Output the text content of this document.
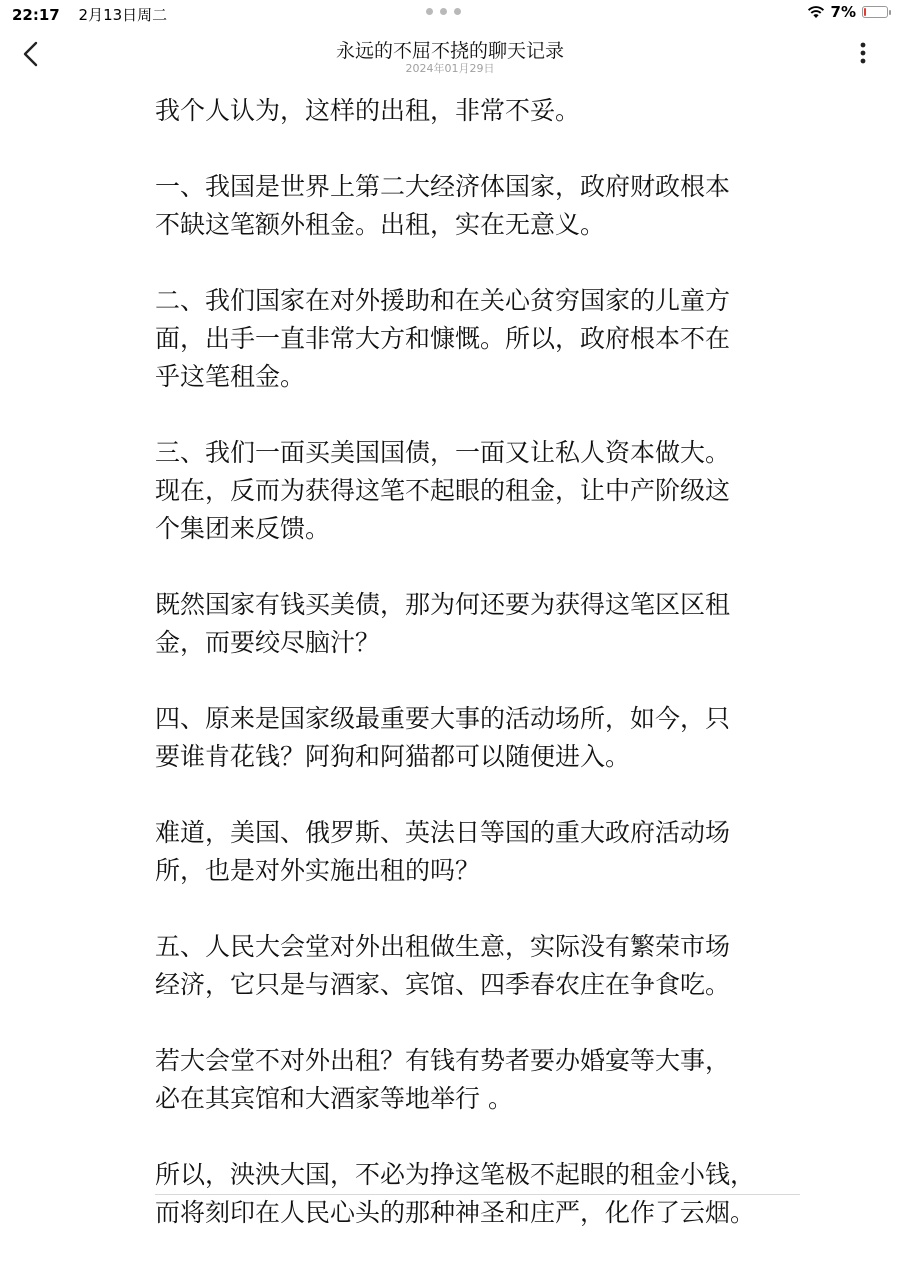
22:17 2月13日周二	7%
永远的不屈不挠的聊天记录
2024年01月29日

我个人认为，这样的出租，非常不妥。

一、我国是世界上第二大经济体国家，政府财政根本
不缺这笔额外租金。出租，实在无意义。

二、我们国家在对外援助和在关心贫穷国家的儿童方
面，出手一直非常大方和慷慨。所以，政府根本不在
乎这笔租金。

三、我们一面买美国国债，一面又让私人资本做大。
现在，反而为获得这笔不起眼的租金，让中产阶级这
个集团来反馈。

既然国家有钱买美债，那为何还要为获得这笔区区租
金，而要绞尽脑汁？

四、原来是国家级最重要大事的活动场所，如今，只
要谁肯花钱？阿狗和阿猫都可以随便进入。

难道，美国、俄罗斯、英法日等国的重大政府活动场
所，也是对外实施出租的吗？

五、人民大会堂对外出租做生意，实际没有繁荣市场
经济，它只是与酒家、宾馆、四季春农庄在争食吃。

若大会堂不对外出租？有钱有势者要办婚宴等大事，
必在其宾馆和大酒家等地举行 。

所以，泱泱大国，不必为挣这笔极不起眼的租金小钱，
而将刻印在人民心头的那种神圣和庄严，化作了云烟。
